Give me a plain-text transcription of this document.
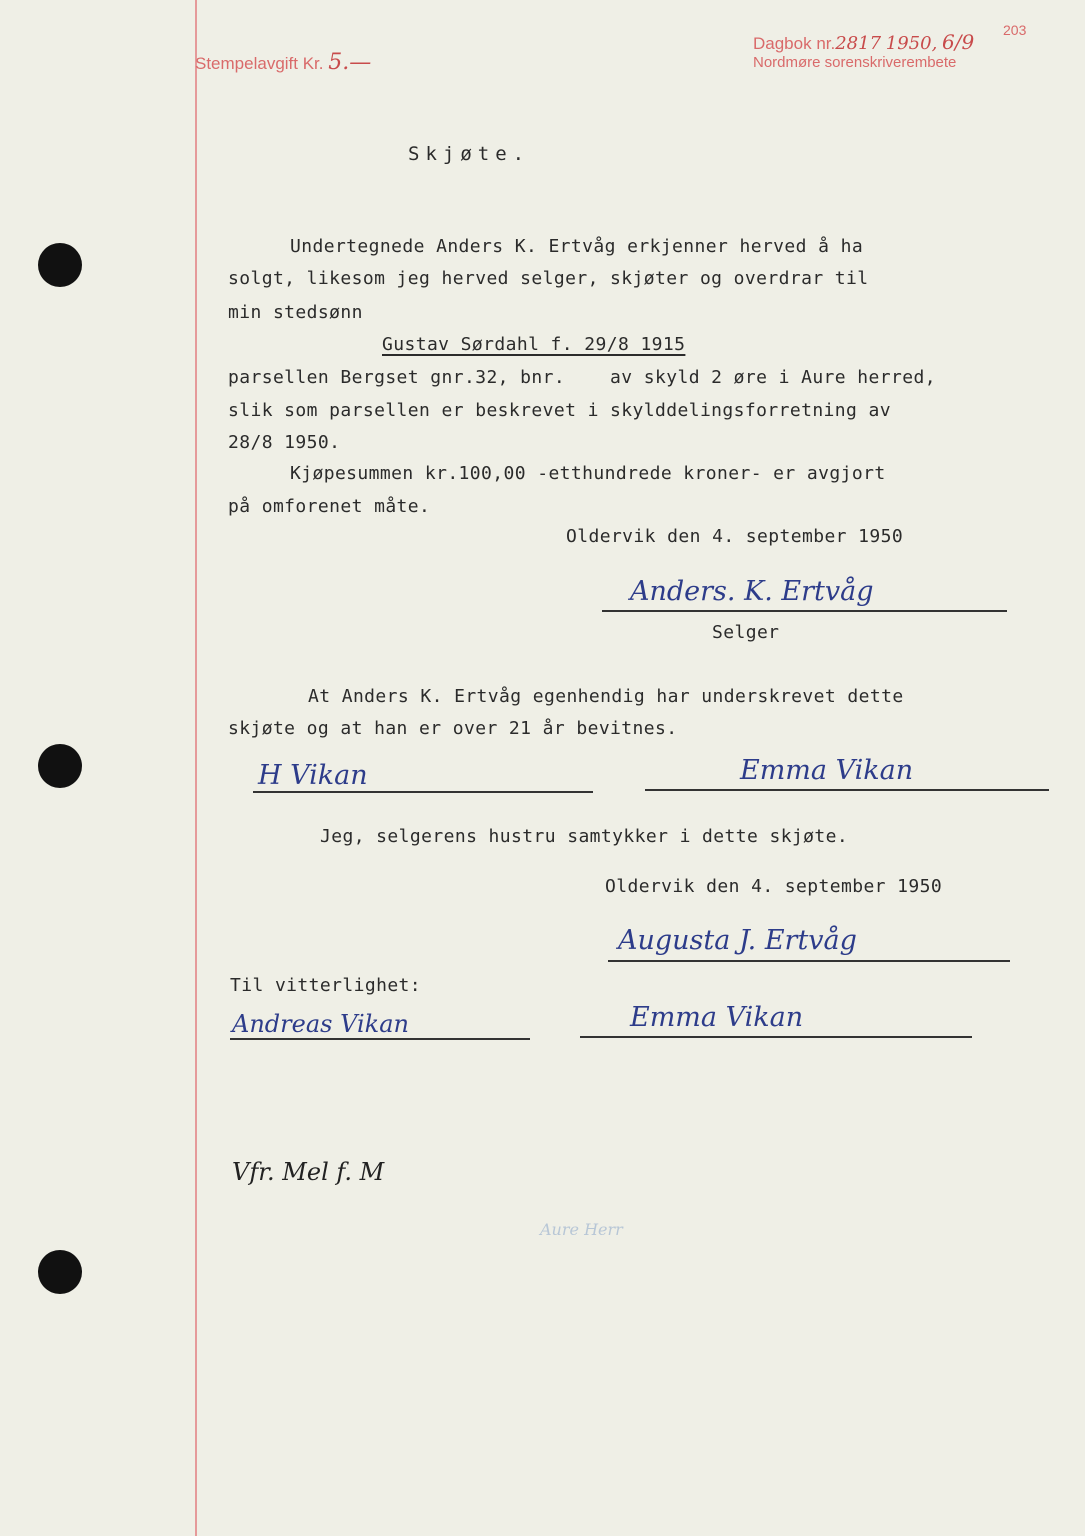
Stempelavgift Kr. 5.—
Dagbok nr.2817 1950, 6/9 203
Nordmøre sorenskriverembete
Skjøte.
Undertegnede Anders K. Ertvåg erkjenner herved å ha
solgt, likesom jeg herved selger, skjøter og overdrar til
min stedsønn
Gustav Sørdahl f. 29/8 1915
parsellen Bergset gnr.32, bnr.    av skyld 2 øre i Aure herred,
slik som parsellen er beskrevet i skylddelingsforretning av
28/8 1950.
Kjøpesummen kr.100,00 -etthundrede kroner- er avgjort
på omforenet måte.
Oldervik den 4. september 1950
Anders. K. Ertvåg
Selger
At Anders K. Ertvåg egenhendig har underskrevet dette
skjøte og at han er over 21 år bevitnes.
H Vikan	Emma Vikan
Jeg, selgerens hustru samtykker i dette skjøte.
Oldervik den 4. september 1950
Augusta J. Ertvåg
Til vitterlighet:
Andreas Vikan	Emma Vikan
Vfr. Mel f. M
Aure Herr
